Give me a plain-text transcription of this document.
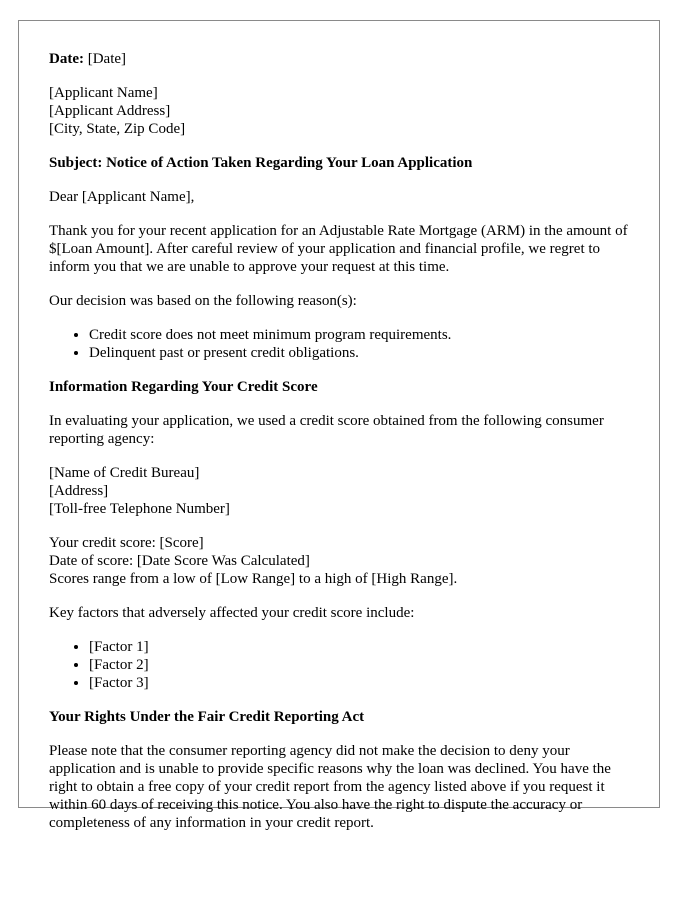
Date: [Date]

[Applicant Name]
[Applicant Address]
[City, State, Zip Code]

Subject: Notice of Action Taken Regarding Your Loan Application

Dear [Applicant Name],

Thank you for your recent application for an Adjustable Rate Mortgage (ARM) in the amount of $[Loan Amount]. After careful review of your application and financial profile, we regret to inform you that we are unable to approve your request at this time.

Our decision was based on the following reason(s):

• Credit score does not meet minimum program requirements.
• Delinquent past or present credit obligations.
Information Regarding Your Credit Score

In evaluating your application, we used a credit score obtained from the following consumer reporting agency:

[Name of Credit Bureau]
[Address]
[Toll-free Telephone Number]
Your credit score: [Score]
Date of score: [Date Score Was Calculated]
Scores range from a low of [Low Range] to a high of [High Range].

Key factors that adversely affected your credit score include:

• [Factor 1]
• [Factor 2]
• [Factor 3]
Your Rights Under the Fair Credit Reporting Act

Please note that the consumer reporting agency did not make the decision to deny your application and is unable to provide specific reasons why the loan was declined. You have the right to obtain a free copy of your credit report from the agency listed above if you request it within 60 days of receiving this notice. You also have the right to dispute the accuracy or completeness of any information in your credit report.
